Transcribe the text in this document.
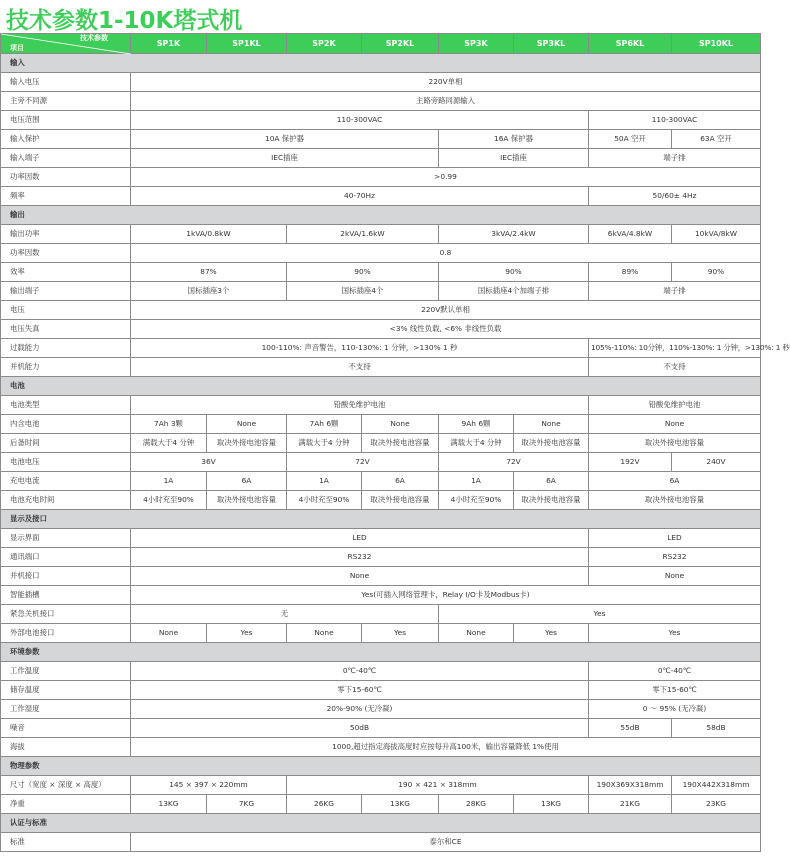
技术参数1-10K塔式机
技术参数
项目	SP1K	SP1KL	SP2K	SP2KL	SP3K	SP3KL	SP6KL	SP10KL
输入								
输入电压	220V单相							
主旁不同源	主路旁路同源输入							
电压范围	110-300VAC						110-300VAC	
输入保护	10A 保护器				16A 保护器		50A 空开	63A 空开
输入端子	IEC插座				IEC插座		端子排	
功率因数	>0.99							
频率	40-70Hz						50/60± 4Hz	
输出								
输出功率	1kVA/0.8kW		2kVA/1.6kW		3kVA/2.4kW		6kVA/4.8kW	10kVA/8kW
功率因数	0.8							
效率	87%		90%		90%		89%	90%
输出端子	国标插座3个		国标插座4个		国标插座4个加端子排		端子排	
电压	220V默认单相							
电压失真	<3% 线性负载, <6% 非线性负载							
过载能力	100-110%: 声音警告，110-130%: 1 分钟，>130% 1 秒						105%-110%: 10分钟，110%-130%: 1 分钟，>130%: 1 秒	
并机能力	不支持						不支持	
电池								
电池类型	铅酸免维护电池						铅酸免维护电池	
内含电池	7Ah 3颗	None	7Ah 6颗	None	9Ah 6颗	None	None	
后备时间	满载大于4 分钟	取决外接电池容量	满载大于4 分钟	取决外接电池容量	满载大于4 分钟	取决外接电池容量	取决外接电池容量	
电池电压	36V		72V		72V		192V	240V
充电电流	1A	6A	1A	6A	1A	6A	6A	
电池充电时间	4小时充至90%	取决外接电池容量	4小时充至90%	取决外接电池容量	4小时充至90%	取决外接电池容量	取决外接电池容量	
显示及接口								
显示界面	LED						LED	
通讯端口	RS232						RS232	
并机接口	None						None	
智能插槽	Yes(可插入网络管理卡，Relay I/O卡及Modbus卡)							
紧急关机接口	无				Yes			
外部电池接口	None	Yes	None	Yes	None	Yes	Yes	
环境参数								
工作温度	0℃-40℃						0℃-40℃	
储存温度	零下15-60℃						零下15-60℃	
工作湿度	20%-90% (无冷凝)						0 ～ 95% (无冷凝)	
噪音	50dB						55dB	58dB
海拔	1000,超过指定海拔高度时应按每升高100米，输出容量降低 1%使用							
物理参数								
尺寸（宽度 × 深度 × 高度）	145 × 397 × 220mm		190 × 421 × 318mm				190X369X318mm	190X442X318mm
净重	13KG	7KG	26KG	13KG	28KG	13KG	21KG	23KG
认证与标准								
标准	泰尔和CE							
